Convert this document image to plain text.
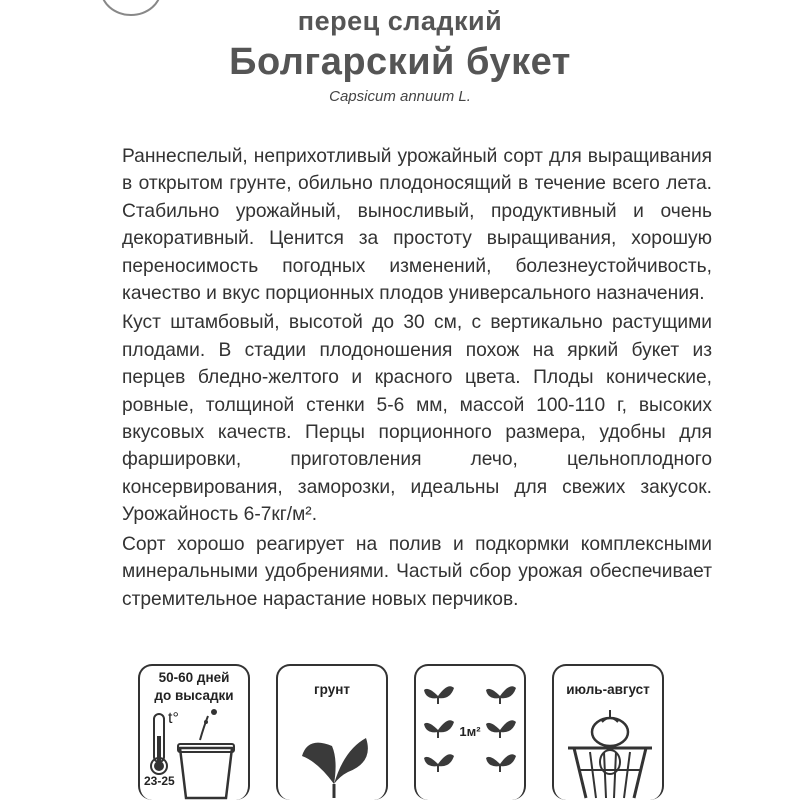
перец сладкий
Болгарский букет
Capsicum annuum L.

Раннеспелый, неприхотливый урожайный сорт для выращивания в открытом грунте, обильно плодоносящий в течение всего лета. Стабильно урожайный, выносливый, продуктивный и очень декоративный. Ценится за простоту выращивания, хорошую переносимость погодных изменений, болезнеустойчивость, качество и вкус порционных плодов универсального назначения.

Куст штамбовый, высотой до 30 см, с вертикально растущими плодами. В стадии плодоношения похож на яркий букет из перцев бледно-желтого и красного цвета. Плоды конические, ровные, толщиной стенки 5-6 мм, массой 100-110 г, высоких вкусовых качеств. Перцы порционного размера, удобны для фаршировки, приготовления лечо, цельноплодного консервирования, заморозки, идеальны для свежих закусок. Урожайность 6-7кг/м².

Сорт хорошо реагирует на полив и подкормки комплексными минеральными удобрениями. Частый сбор урожая обеспечивает стремительное нарастание новых перчиков.

50-60 дней
до высадки
t°
23-25
грунт
1м²
июль-август
